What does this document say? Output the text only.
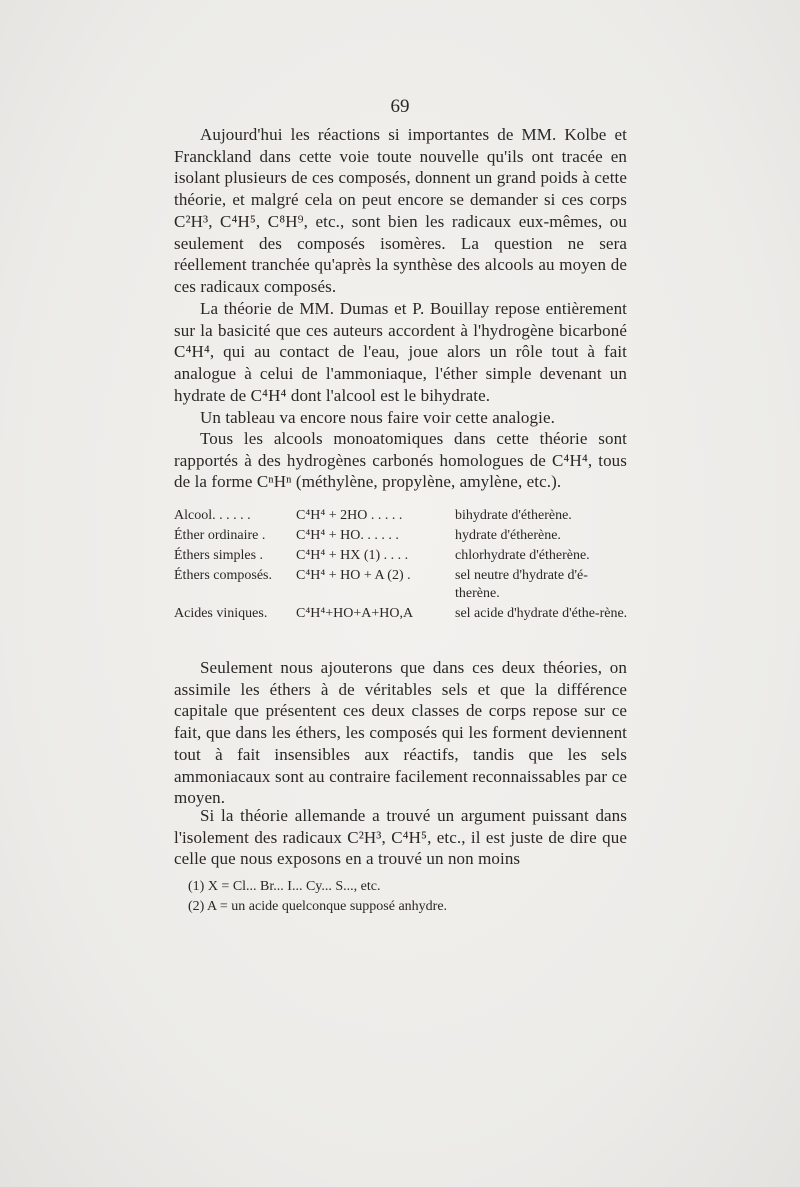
69

Aujourd'hui les réactions si importantes de MM. Kolbe et Franckland dans cette voie toute nouvelle qu'ils ont tracée en isolant plusieurs de ces composés, donnent un grand poids à cette théorie, et malgré cela on peut encore se demander si ces corps C²H³, C⁴H⁵, C⁸H⁹, etc., sont bien les radicaux eux-mêmes, ou seulement des composés isomères. La question ne sera réellement tranchée qu'après la synthèse des alcools au moyen de ces radicaux composés.

La théorie de MM. Dumas et P. Bouillay repose entièrement sur la basicité que ces auteurs accordent à l'hydrogène bicarboné C⁴H⁴, qui au contact de l'eau, joue alors un rôle tout à fait analogue à celui de l'ammoniaque, l'éther simple devenant un hydrate de C⁴H⁴ dont l'alcool est le bihydrate.

Un tableau va encore nous faire voir cette analogie.

Tous les alcools monoatomiques dans cette théorie sont rapportés à des hydrogènes carbonés homologues de C⁴H⁴, tous de la forme CⁿHⁿ (méthylène, propylène, amylène, etc.).

Alcool. . . . . .	C⁴H⁴ + 2HO . . . . .	bihydrate d'étherène.
Éther ordinaire .	C⁴H⁴ + HO. . . . . .	hydrate d'étherène.
Éthers simples .	C⁴H⁴ + HX (1) . . . .	chlorhydrate d'étherène.
Éthers composés.	C⁴H⁴ + HO + A (2) .	sel neutre d'hydrate d'é-therène.
Acides viniques.	C⁴H⁴+HO+A+HO,A	sel acide d'hydrate d'éthe-rène.

Seulement nous ajouterons que dans ces deux théories, on assimile les éthers à de véritables sels et que la différence capitale que présentent ces deux classes de corps repose sur ce fait, que dans les éthers, les composés qui les forment deviennent tout à fait insensibles aux réactifs, tandis que les sels ammoniacaux sont au contraire facilement reconnaissables par ce moyen.

Si la théorie allemande a trouvé un argument puissant dans l'isolement des radicaux C²H³, C⁴H⁵, etc., il est juste de dire que celle que nous exposons en a trouvé un non moins

(1) X = Cl... Br... I... Cy... S..., etc.
(2) A = un acide quelconque supposé anhydre.
